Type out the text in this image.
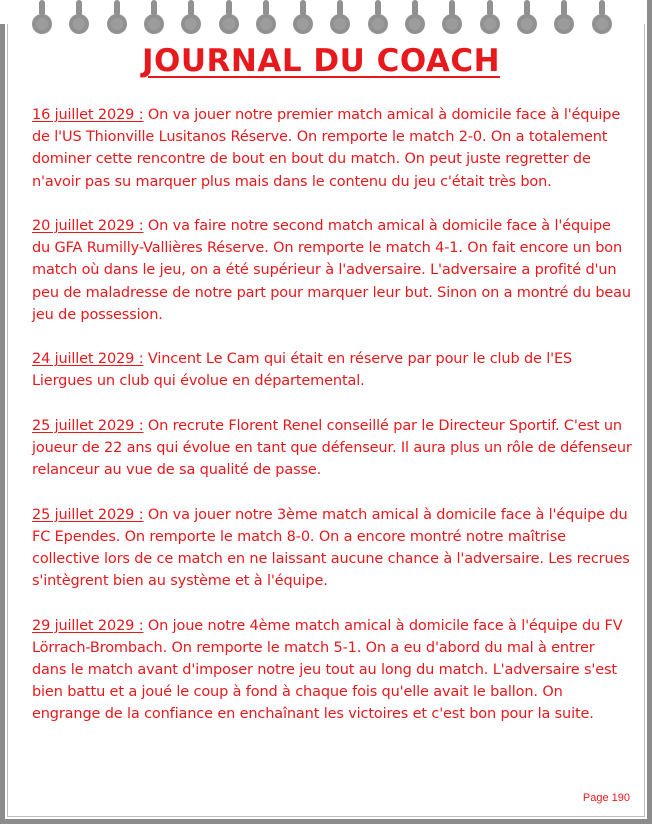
JOURNAL DU COACH

16 juillet 2029 : On va jouer notre premier match amical à domicile face à l'équipe de l'US Thionville Lusitanos Réserve. On remporte le match 2-0. On a totalement dominer cette rencontre de bout en bout du match. On peut juste regretter de n'avoir pas su marquer plus mais dans le contenu du jeu c'était très bon.

20 juillet 2029 : On va faire notre second match amical à domicile face à l'équipe du GFA Rumilly-Vallières Réserve. On remporte le match 4-1. On fait encore un bon match où dans le jeu, on a été supérieur à l'adversaire. L'adversaire a profité d'un peu de maladresse de notre part pour marquer leur but. Sinon on a montré du beau jeu de possession.

24 juillet 2029 : Vincent Le Cam qui était en réserve par pour le club de l'ES Liergues un club qui évolue en départemental.

25 juillet 2029 : On recrute Florent Renel conseillé par le Directeur Sportif. C'est un joueur de 22 ans qui évolue en tant que défenseur. Il aura plus un rôle de défenseur relanceur au vue de sa qualité de passe.

25 juillet 2029 : On va jouer notre 3ème match amical à domicile face à l'équipe du FC Ependes. On remporte le match 8-0. On a encore montré notre maîtrise collective lors de ce match en ne laissant aucune chance à l'adversaire. Les recrues s'intègrent bien au système et à l'équipe.

29 juillet 2029 : On joue notre 4ème match amical à domicile face à l'équipe du FV Lörrach-Brombach. On remporte le match 5-1. On a eu d'abord du mal à entrer dans le match avant d'imposer notre jeu tout au long du match. L'adversaire s'est bien battu et a joué le coup à fond à chaque fois qu'elle avait le ballon. On engrange de la confiance en enchaînant les victoires et c'est bon pour la suite.

Page 190
